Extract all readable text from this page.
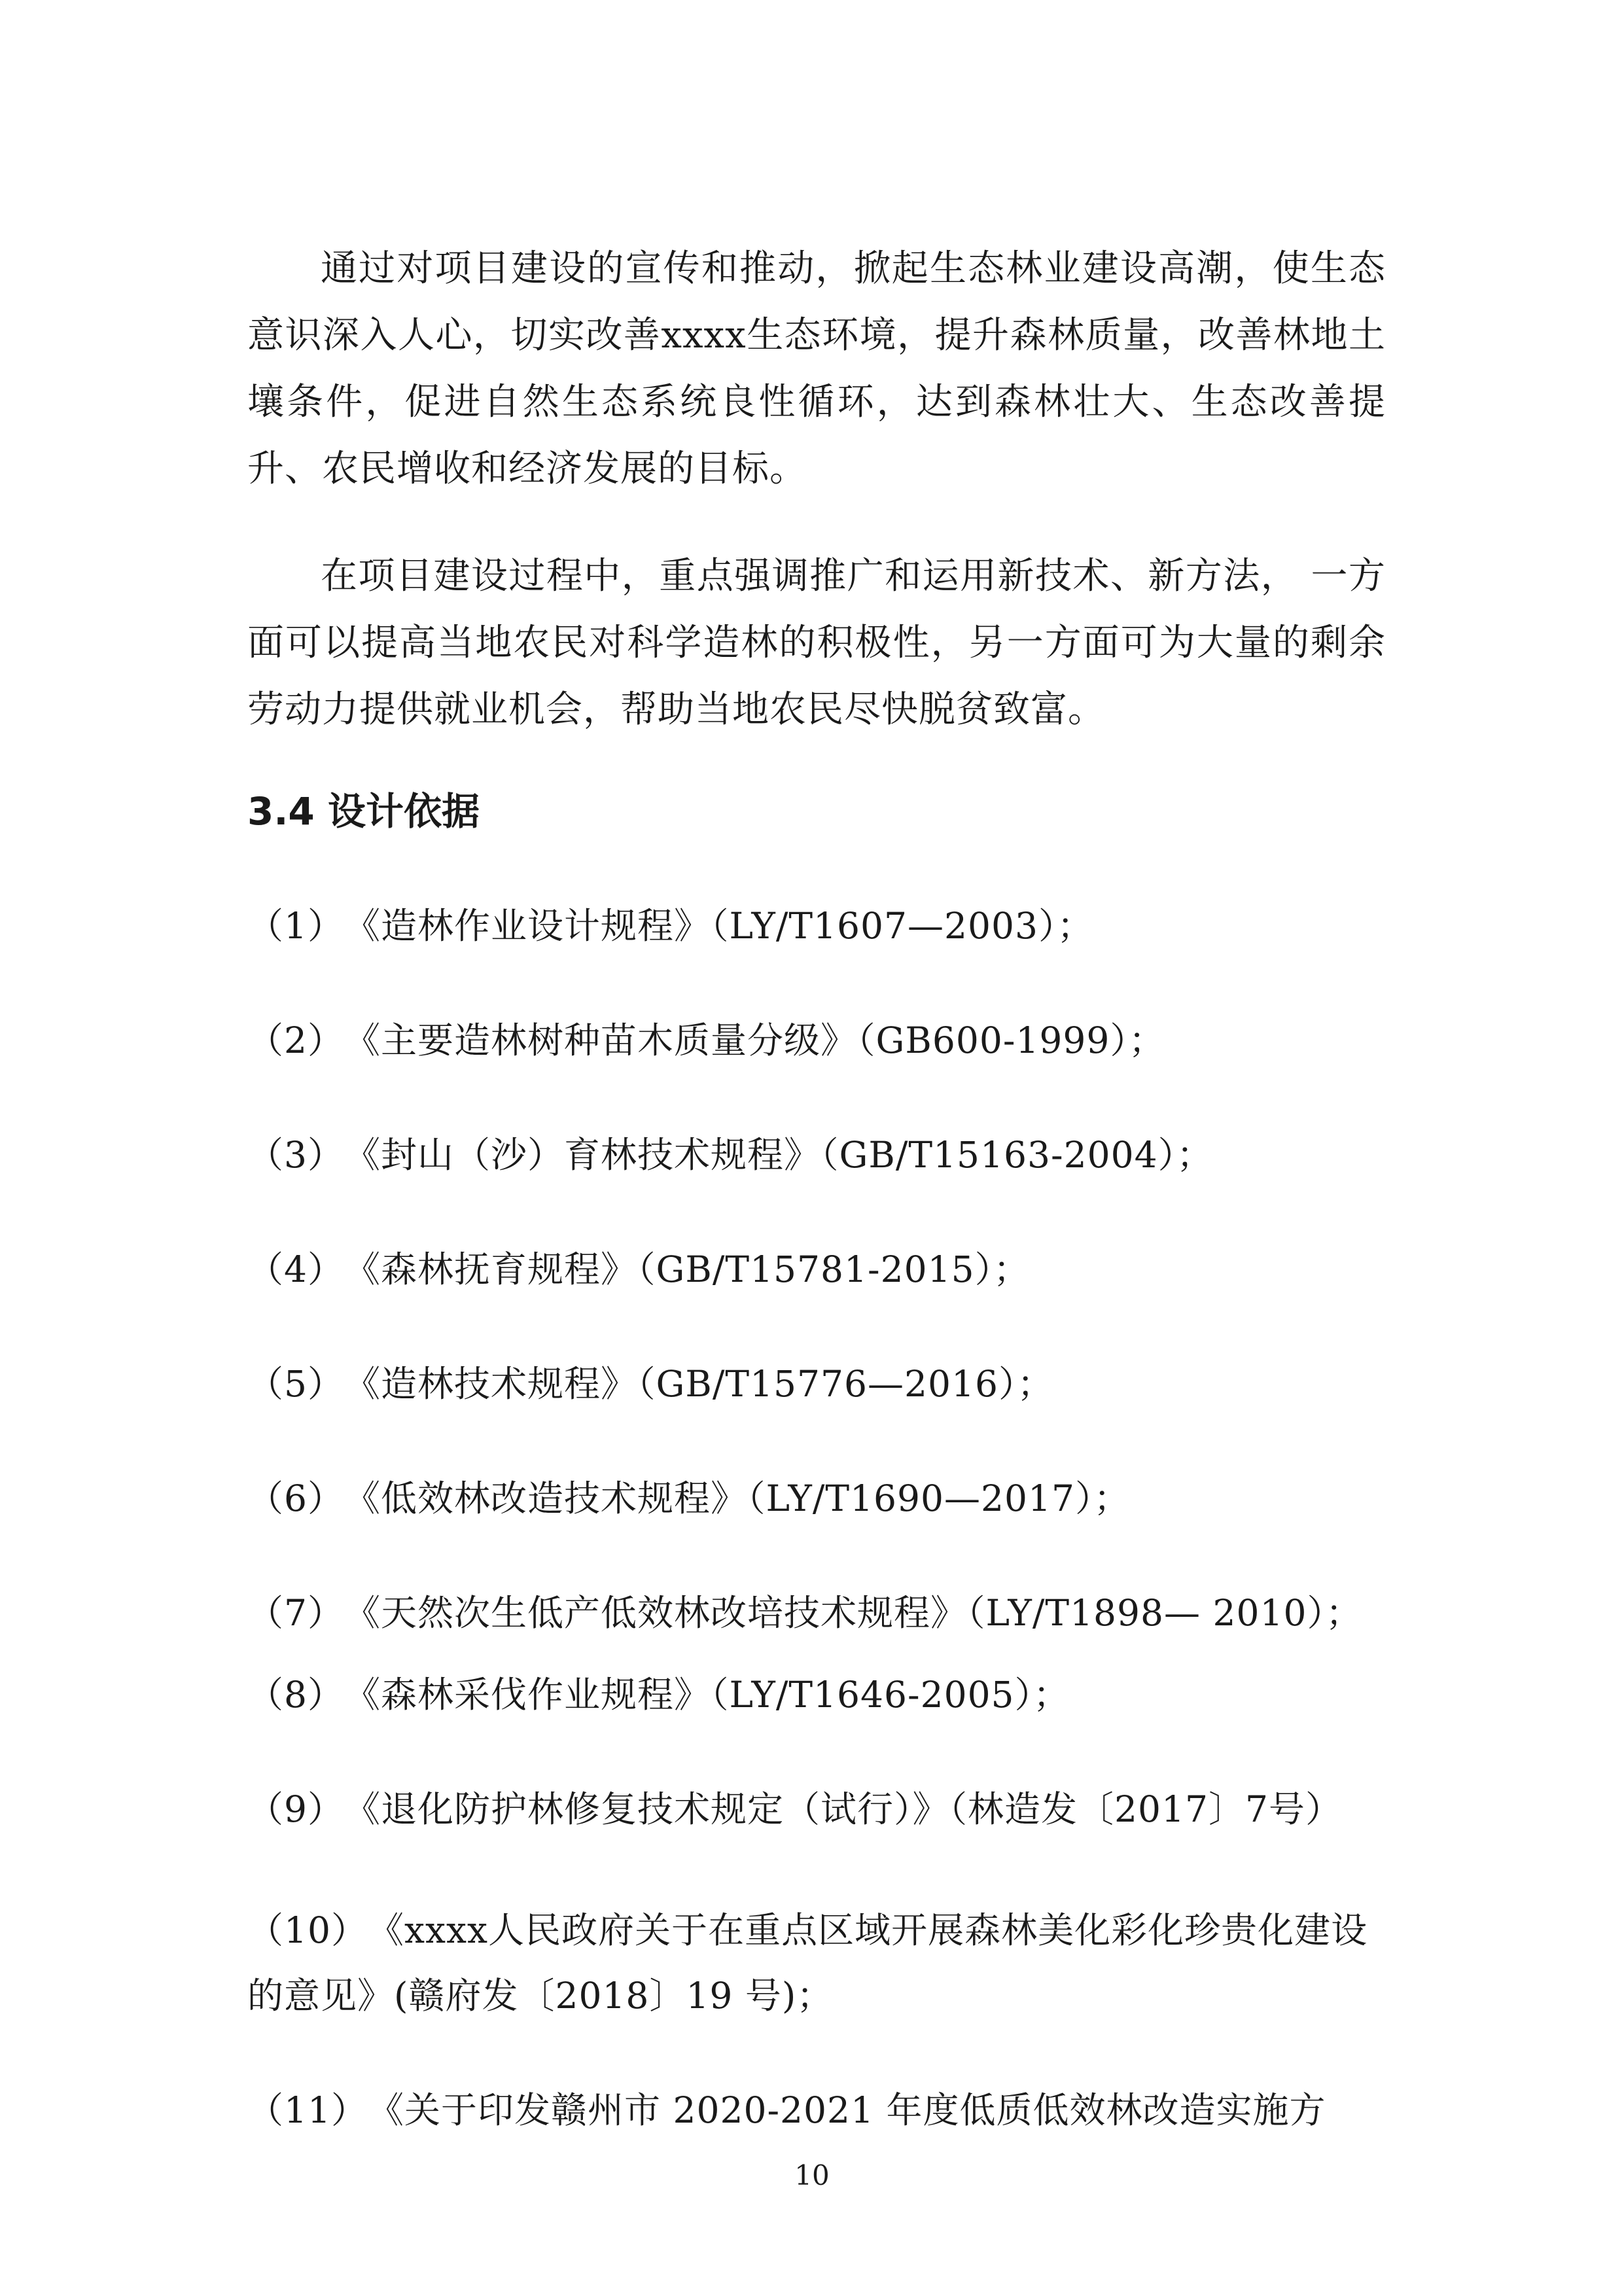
通过对项目建设的宣传和推动，掀起生态林业建设高潮，使生态意识深入人心，切实改善xxxx生态环境，提升森林质量，改善林地土壤条件，促进自然生态系统良性循环，达到森林壮大、生态改善提升、农民增收和经济发展的目标。

在项目建设过程中，重点强调推广和运用新技术、新方法， 一方面可以提高当地农民对科学造林的积极性，另一方面可为大量的剩余劳动力提供就业机会，帮助当地农民尽快脱贫致富。

3.4 设计依据

（1）《造林作业设计规程》（LY/T1607—2003）；

（2）《主要造林树种苗木质量分级》（GB600-1999）；

（3）《封山（沙）育林技术规程》（GB/T15163-2004）；

（4）《森林抚育规程》（GB/T15781-2015）；

（5）《造林技术规程》（GB/T15776—2016）；

（6）《低效林改造技术规程》（LY/T1690—2017）；

（7）《天然次生低产低效林改培技术规程》（LY/T1898— 2010）；

（8）《森林采伐作业规程》（LY/T1646-2005）；

（9）《退化防护林修复技术规定（试行）》（林造发〔2017〕7号）

（10）《xxxx人民政府关于在重点区域开展森林美化彩化珍贵化建设的意见》(赣府发〔2018〕19 号)；

（11）《关于印发赣州市 2020-2021 年度低质低效林改造实施方

10
